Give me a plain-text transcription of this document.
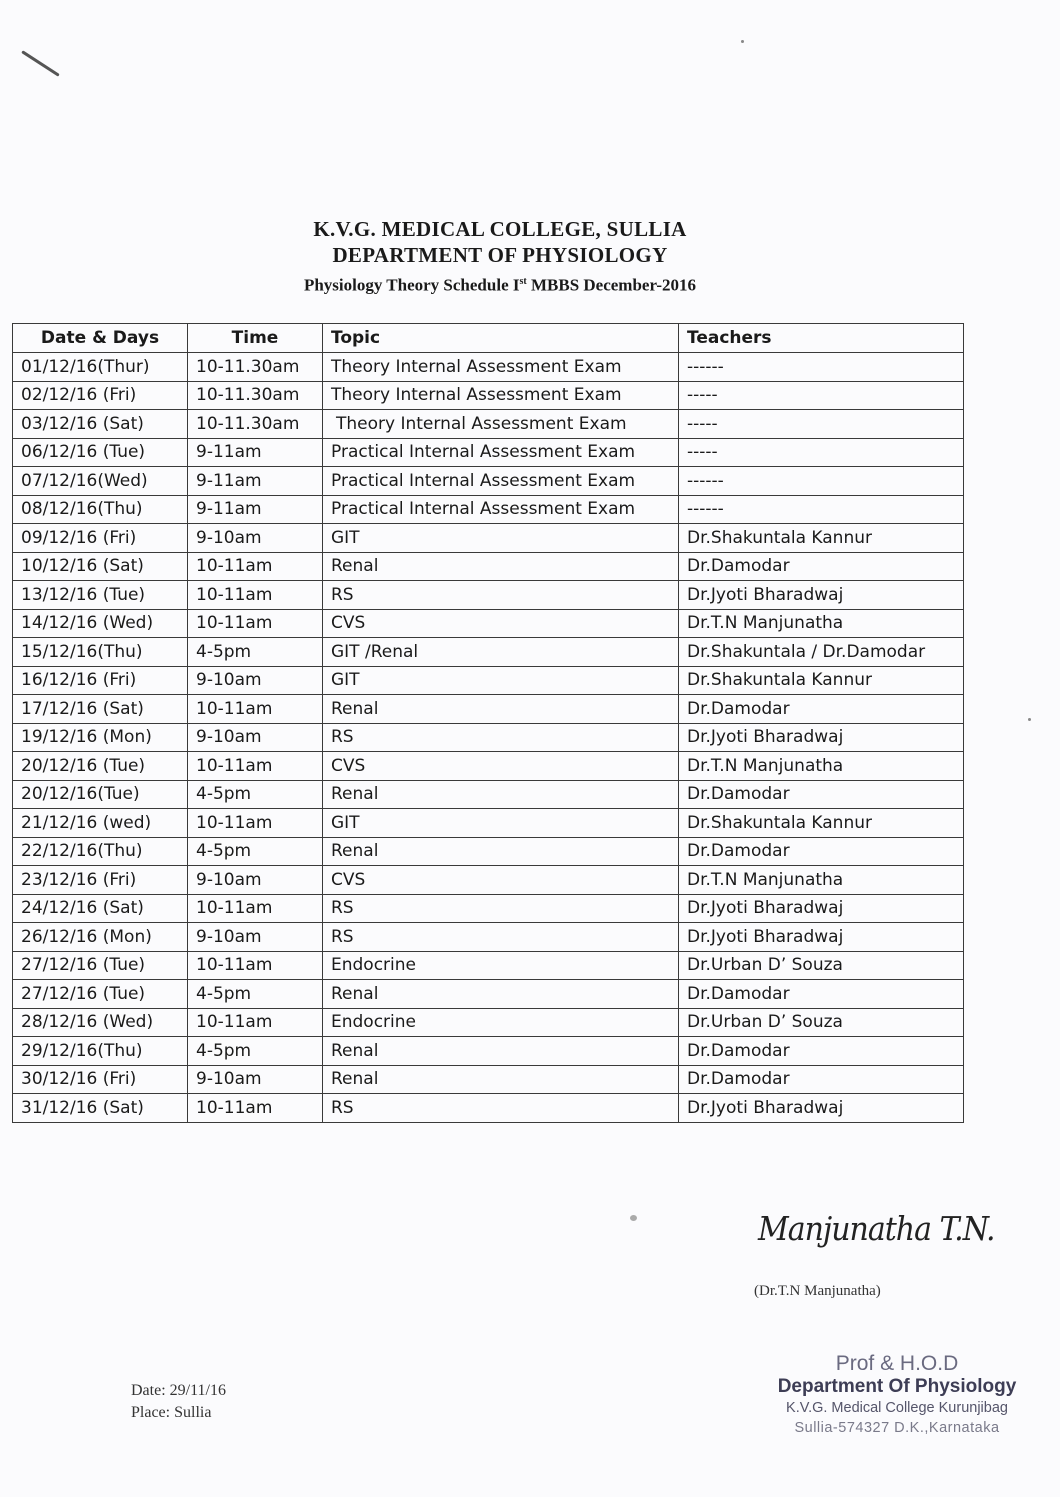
K.V.G. MEDICAL COLLEGE, SULLIA
DEPARTMENT OF PHYSIOLOGY
Physiology Theory Schedule Ist MBBS December-2016
Date & Days	Time	Topic	Teachers
01/12/16(Thur)	10-11.30am	Theory Internal Assessment Exam	------
02/12/16 (Fri)	10-11.30am	Theory Internal Assessment Exam	-----
03/12/16 (Sat)	10-11.30am	Theory Internal Assessment Exam	-----
06/12/16 (Tue)	9-11am	Practical Internal Assessment Exam	-----
07/12/16(Wed)	9-11am	Practical Internal Assessment Exam	------
08/12/16(Thu)	9-11am	Practical Internal Assessment Exam	------
09/12/16 (Fri)	9-10am	GIT	Dr.Shakuntala Kannur
10/12/16 (Sat)	10-11am	Renal	Dr.Damodar
13/12/16 (Tue)	10-11am	RS	Dr.Jyoti Bharadwaj
14/12/16 (Wed)	10-11am	CVS	Dr.T.N Manjunatha
15/12/16(Thu)	4-5pm	GIT /Renal	Dr.Shakuntala / Dr.Damodar
16/12/16 (Fri)	9-10am	GIT	Dr.Shakuntala Kannur
17/12/16 (Sat)	10-11am	Renal	Dr.Damodar
19/12/16 (Mon)	9-10am	RS	Dr.Jyoti Bharadwaj
20/12/16 (Tue)	10-11am	CVS	Dr.T.N Manjunatha
20/12/16(Tue)	4-5pm	Renal	Dr.Damodar
21/12/16 (wed)	10-11am	GIT	Dr.Shakuntala Kannur
22/12/16(Thu)	4-5pm	Renal	Dr.Damodar
23/12/16 (Fri)	9-10am	CVS	Dr.T.N Manjunatha
24/12/16 (Sat)	10-11am	RS	Dr.Jyoti Bharadwaj
26/12/16 (Mon)	9-10am	RS	Dr.Jyoti Bharadwaj
27/12/16 (Tue)	10-11am	Endocrine	Dr.Urban D’ Souza
27/12/16 (Tue)	4-5pm	Renal	Dr.Damodar
28/12/16 (Wed)	10-11am	Endocrine	Dr.Urban D’ Souza
29/12/16(Thu)	4-5pm	Renal	Dr.Damodar
30/12/16 (Fri)	9-10am	Renal	Dr.Damodar
31/12/16 (Sat)	10-11am	RS	Dr.Jyoti Bharadwaj
Manjunatha T.N.
(Dr.T.N Manjunatha)
Prof & H.O.D
Department Of Physiology
K.V.G. Medical College Kurunjibag
Sullia-574327 D.K.,Karnataka
Date: 29/11/16
Place: Sullia
